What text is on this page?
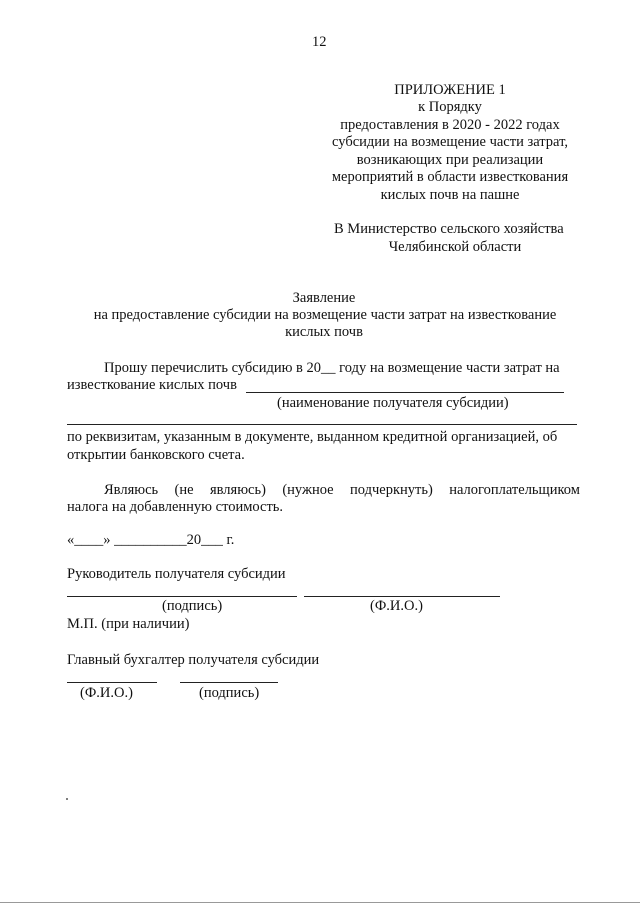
12
ПРИЛОЖЕНИЕ 1
к Порядку
предоставления в 2020 - 2022 годах
субсидии на возмещение части затрат,
возникающих при реализации
мероприятий в области известкования
кислых почв на пашне
В Министерство сельского хозяйства
Челябинской области
Заявление
на предоставление субсидии на возмещение части затрат на известкование
кислых почв
Прошу перечислить субсидию в 20__ году на возмещение части затрат на
известкование кислых почв
(наименование получателя субсидии)
по реквизитам, указанным в документе, выданном кредитной организацией, об
открытии банковского счета.
Являюсь (не являюсь) (нужное подчеркнуть) налогоплательщиком
налога на добавленную стоимость.
«____» __________20___ г.
Руководитель получателя субсидии
(подпись)	(Ф.И.О.)
М.П. (при наличии)
Главный бухгалтер получателя субсидии
(Ф.И.О.)	(подпись)
